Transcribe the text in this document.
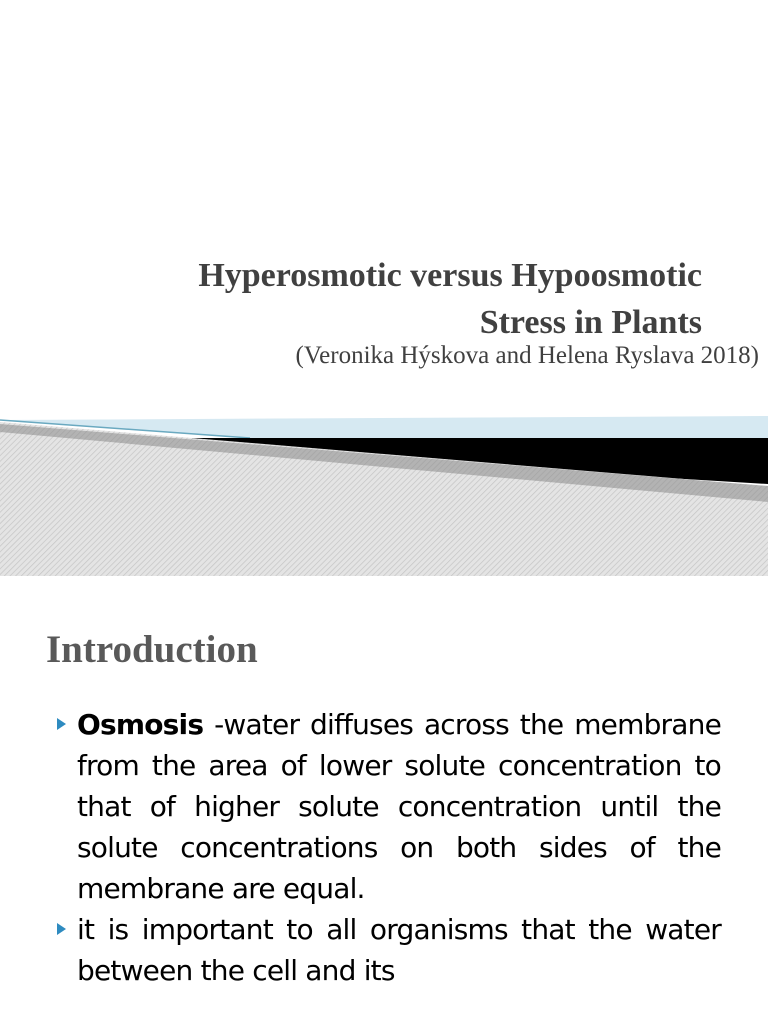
Hyperosmotic versus Hypoosmotic
Stress in Plants
(Veronika Hýskova and Helena Ryslava 2018)
Introduction
Osmosis -water diffuses across the membrane from the area of lower solute concentration to that of higher solute concentration until the solute concentrations on both sides of the membrane are equal.
it is important to all organisms that the water between the cell and its
